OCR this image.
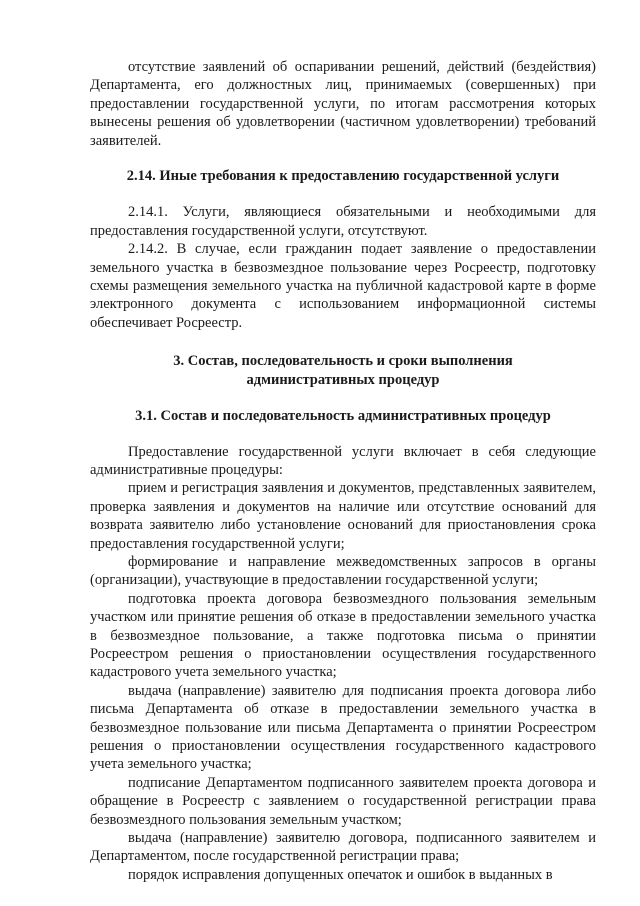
отсутствие заявлений об оспаривании решений, действий (бездействия) Департамента, его должностных лиц, принимаемых (совершенных) при предоставлении государственной услуги, по итогам рассмотрения которых вынесены решения об удовлетворении (частичном удовлетворении) требований заявителей.

2.14. Иные требования к предоставлению государственной услуги

2.14.1. Услуги, являющиеся обязательными и необходимыми для предоставления государственной услуги, отсутствуют.

2.14.2. В случае, если гражданин подает заявление о предоставлении земельного участка в безвозмездное пользование через Росреестр, подготовку схемы размещения земельного участка на публичной кадастровой карте в форме электронного документа с использованием информационной системы обеспечивает Росреестр.

3. Состав, последовательность и сроки выполнения

административных процедур

3.1. Состав и последовательность административных процедур

Предоставление государственной услуги включает в себя следующие административные процедуры:

прием и регистрация заявления и документов, представленных заявителем, проверка заявления и документов на наличие или отсутствие оснований для возврата заявителю либо установление оснований для приостановления срока предоставления государственной услуги;

формирование и направление межведомственных запросов в органы (организации), участвующие в предоставлении государственной услуги;

подготовка проекта договора безвозмездного пользования земельным участком или принятие решения об отказе в предоставлении земельного участка в безвозмездное пользование, а также подготовка письма о принятии Росреестром решения о приостановлении осуществления государственного кадастрового учета земельного участка;

выдача (направление) заявителю для подписания проекта договора либо письма Департамента об отказе в предоставлении земельного участка в безвозмездное пользование или письма Департамента о принятии Росреестром решения о приостановлении осуществления государственного кадастрового учета земельного участка;

подписание Департаментом подписанного заявителем проекта договора и обращение в Росреестр с заявлением о государственной регистрации права безвозмездного пользования земельным участком;

выдача (направление) заявителю договора, подписанного заявителем и Департаментом, после государственной регистрации права;

порядок исправления допущенных опечаток и ошибок в выданных в
